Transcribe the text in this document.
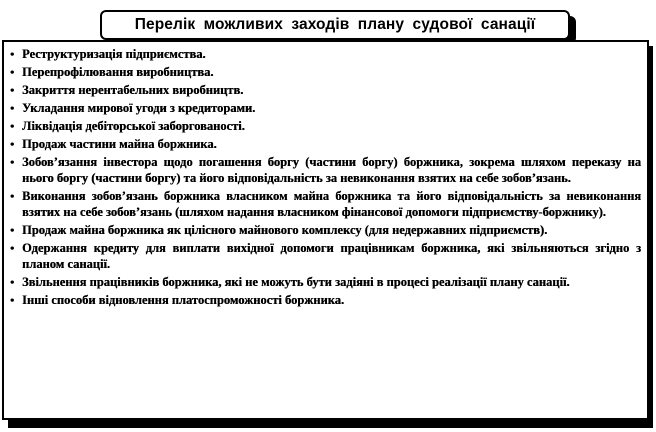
Перелік можливих заходів плану судової санації
• Реструктуризація підприємства.
• Перепрофілювання виробництва.
• Закриття нерентабельних виробництв.
• Укладання мирової угоди з кредиторами.
• Ліквідація дебіторської заборгованості.
• Продаж частини майна боржника.
• Зобов’язання інвестора щодо погашення боргу (частини боргу) боржника, зокрема шляхом переказу на нього боргу (частини боргу) та його відповідальність за невиконання взятих на себе зобов’язань.
• Виконання зобов’язань боржника власником майна боржника та його відповідальність за невиконання взятих на себе зобов’язань (шляхом надання власником фінансової допомоги підприємству-боржнику).
• Продаж майна боржника як цілісного майнового комплексу (для недержавних підприємств).
• Одержання кредиту для виплати вихідної допомоги працівникам боржника, які звільняються згідно з планом санації.
• Звільнення працівників боржника, які не можуть бути задіяні в процесі реалізації плану санації.
• Інші способи відновлення платоспроможності боржника.
